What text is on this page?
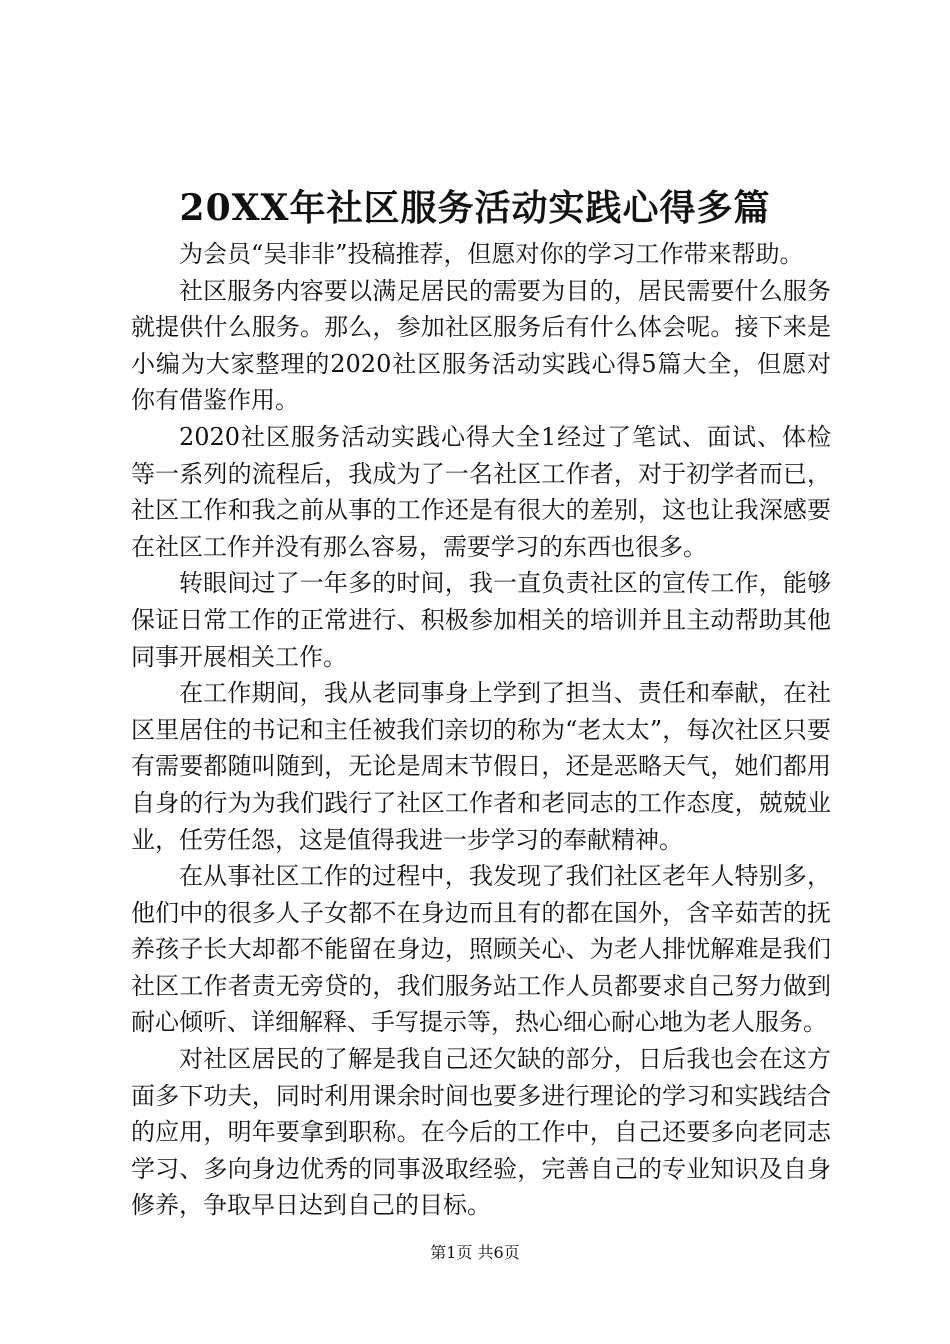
20XX年社区服务活动实践心得多篇

为会员“吴非非”投稿推荐，但愿对你的学习工作带来帮助。

社区服务内容要以满足居民的需要为目的，居民需要什么服务就提供什么服务。那么，参加社区服务后有什么体会呢。接下来是小编为大家整理的2020社区服务活动实践心得5篇大全，但愿对你有借鉴作用。

2020社区服务活动实践心得大全1经过了笔试、面试、体检等一系列的流程后，我成为了一名社区工作者，对于初学者而已，社区工作和我之前从事的工作还是有很大的差别，这也让我深感要在社区工作并没有那么容易，需要学习的东西也很多。

转眼间过了一年多的时间，我一直负责社区的宣传工作，能够保证日常工作的正常进行、积极参加相关的培训并且主动帮助其他同事开展相关工作。

在工作期间，我从老同事身上学到了担当、责任和奉献，在社区里居住的书记和主任被我们亲切的称为“老太太”，每次社区只要有需要都随叫随到，无论是周末节假日，还是恶略天气，她们都用自身的行为为我们践行了社区工作者和老同志的工作态度，兢兢业业，任劳任怨，这是值得我进一步学习的奉献精神。

在从事社区工作的过程中，我发现了我们社区老年人特别多，他们中的很多人子女都不在身边而且有的都在国外，含辛茹苦的抚养孩子长大却都不能留在身边，照顾关心、为老人排忧解难是我们社区工作者责无旁贷的，我们服务站工作人员都要求自己努力做到耐心倾听、详细解释、手写提示等，热心细心耐心地为老人服务。

对社区居民的了解是我自己还欠缺的部分，日后我也会在这方面多下功夫，同时利用课余时间也要多进行理论的学习和实践结合的应用，明年要拿到职称。在今后的工作中，自己还要多向老同志学习、多向身边优秀的同事汲取经验，完善自己的专业知识及自身修养，争取早日达到自己的目标。

第1页 共6页
